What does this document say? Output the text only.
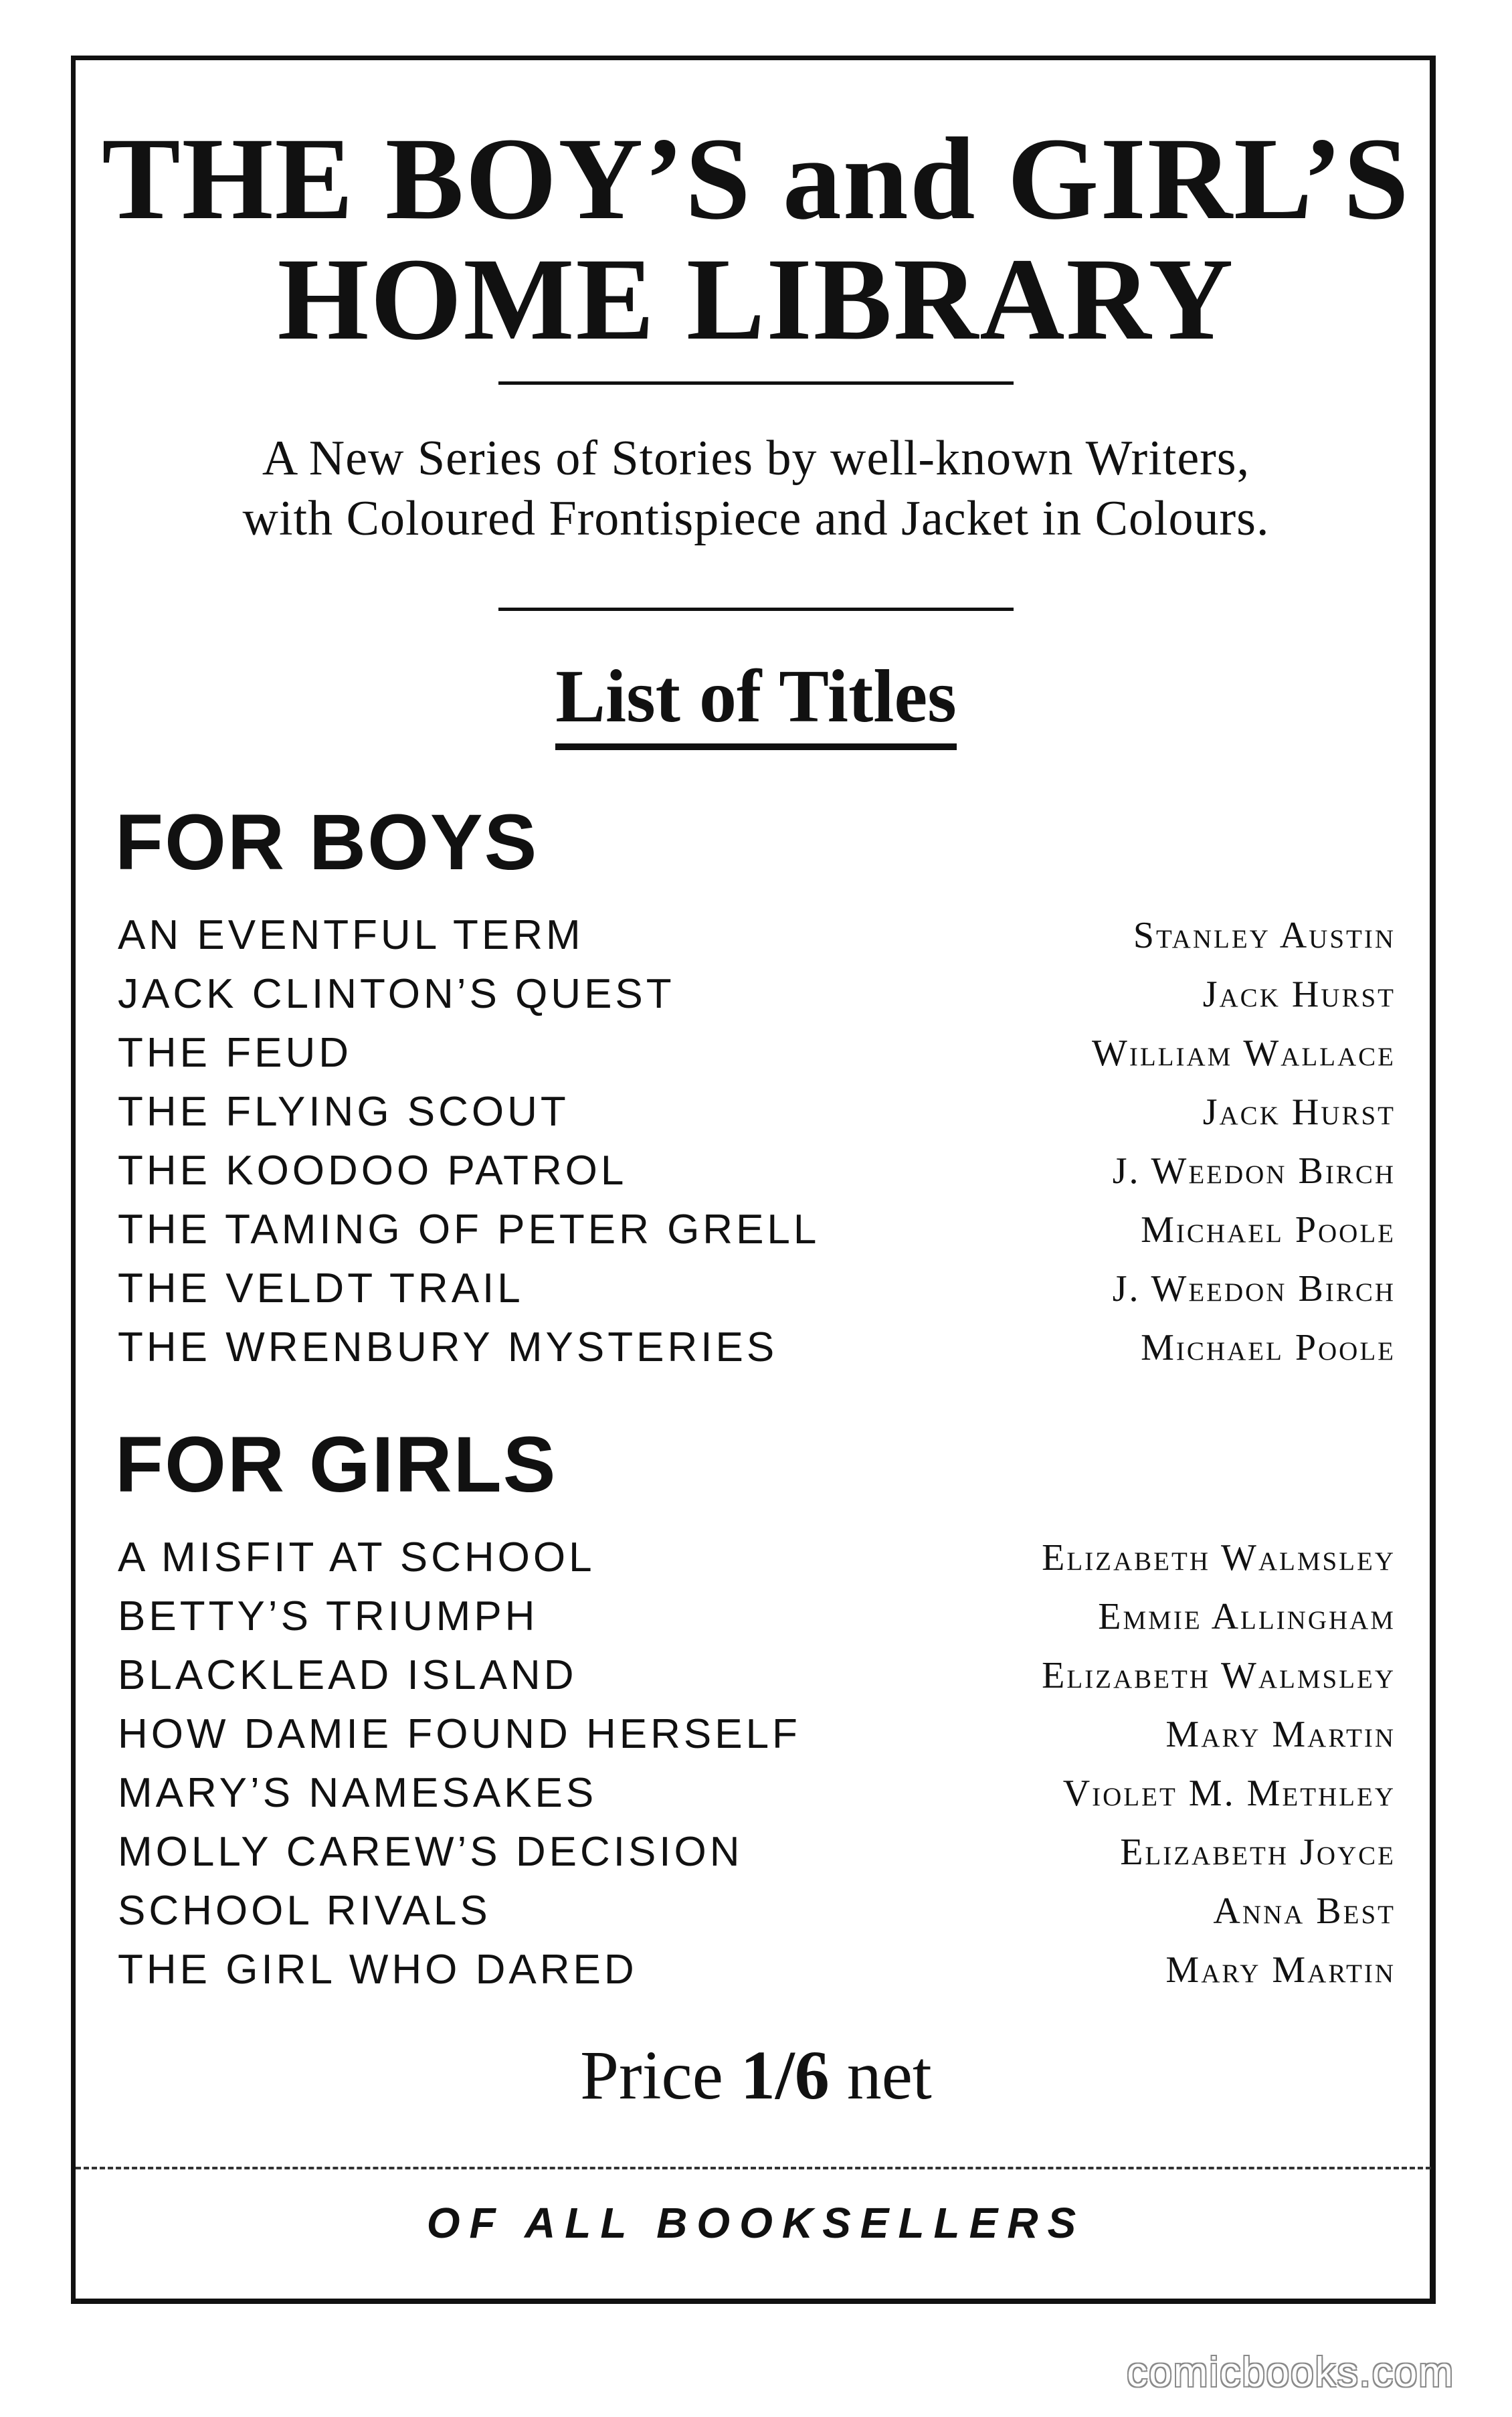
THE BOY’S and GIRL’S
HOME LIBRARY
A New Series of Stories by well-known Writers,
with Coloured Frontispiece and Jacket in Colours.
List of Titles
FOR BOYS
AN EVENTFUL TERM	Stanley Austin
JACK CLINTON’S QUEST	Jack Hurst
THE FEUD	William Wallace
THE FLYING SCOUT	Jack Hurst
THE KOODOO PATROL	J. Weedon Birch
THE TAMING OF PETER GRELL	Michael Poole
THE VELDT TRAIL	J. Weedon Birch
THE WRENBURY MYSTERIES	Michael Poole
FOR GIRLS
A MISFIT AT SCHOOL	Elizabeth Walmsley
BETTY’S TRIUMPH	Emmie Allingham
BLACKLEAD ISLAND	Elizabeth Walmsley
HOW DAMIE FOUND HERSELF	Mary Martin
MARY’S NAMESAKES	Violet M. Methley
MOLLY CAREW’S DECISION	Elizabeth Joyce
SCHOOL RIVALS	Anna Best
THE GIRL WHO DARED	Mary Martin
Price 1/6 net
OF ALL BOOKSELLERS
comicbooks.com
